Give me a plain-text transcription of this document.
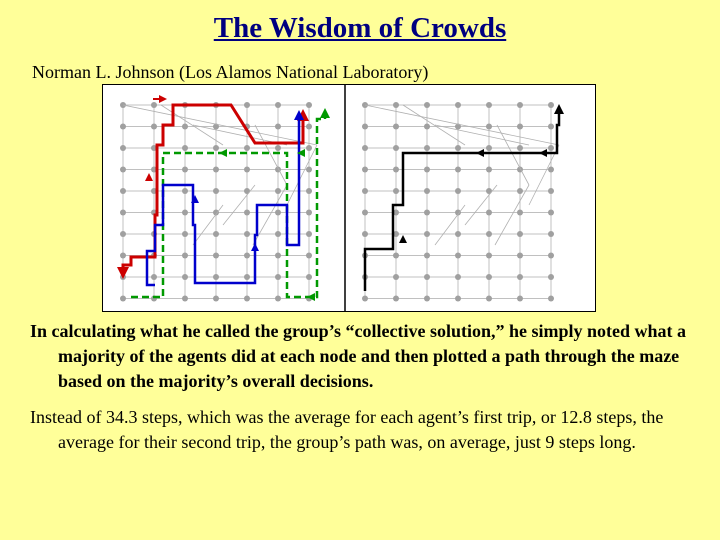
The Wisdom of Crowds
Norman L. Johnson (Los Alamos National Laboratory)
In calculating what he called the group’s “collective solution,” he simply noted what a majority of the agents did at each node and then plotted a path through the maze based on the majority’s overall decisions.
Instead of 34.3 steps, which was the average for each agent’s first trip, or 12.8 steps, the average for their second trip, the group’s path was, on average, just 9 steps long.
